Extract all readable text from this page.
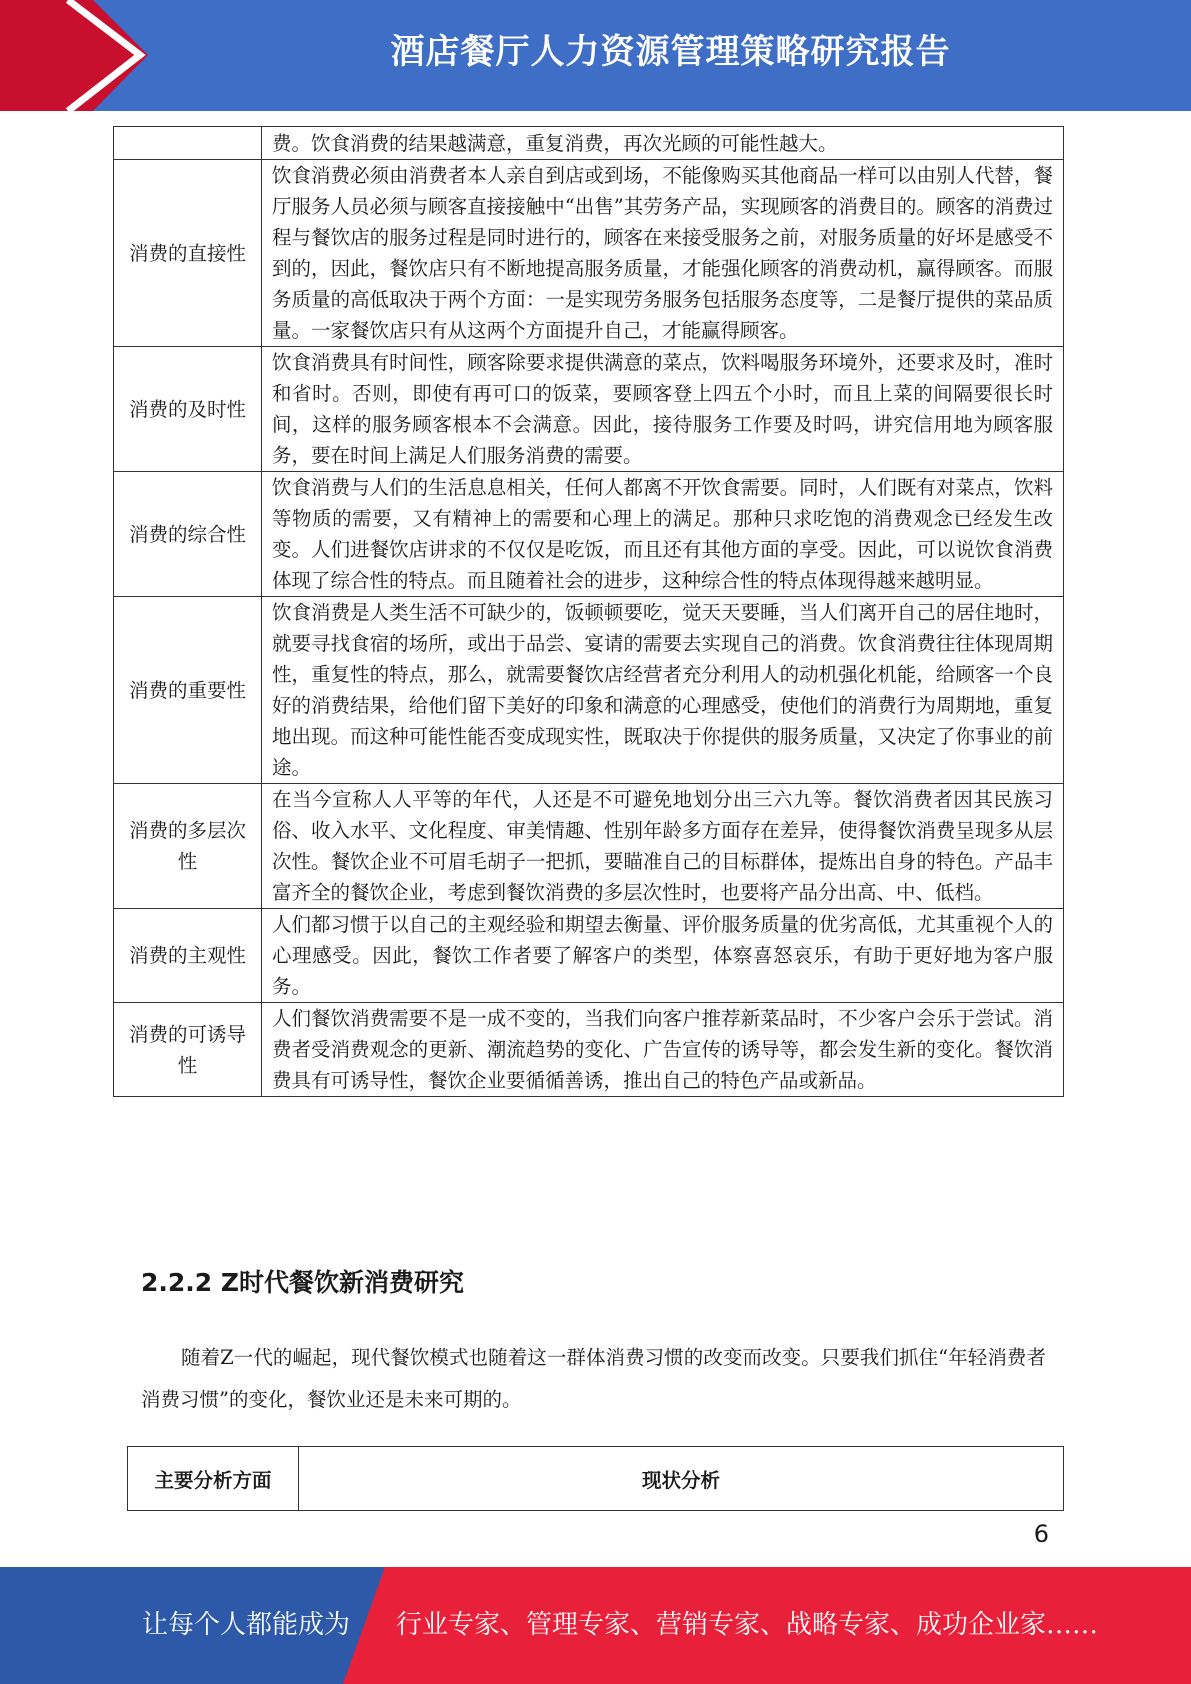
酒店餐厅人力资源管理策略研究报告
	费。饮食消费的结果越满意，重复消费，再次光顾的可能性越大。
消费的直接性	饮食消费必须由消费者本人亲自到店或到场，不能像购买其他商品一样可以由别人代替，餐厅服务人员必须与顾客直接接触中“出售”其劳务产品，实现顾客的消费目的。顾客的消费过程与餐饮店的服务过程是同时进行的，顾客在来接受服务之前，对服务质量的好坏是感受不到的，因此，餐饮店只有不断地提高服务质量，才能强化顾客的消费动机，赢得顾客。而服务质量的高低取决于两个方面：一是实现劳务服务包括服务态度等，二是餐厅提供的菜品质量。一家餐饮店只有从这两个方面提升自己，才能赢得顾客。
消费的及时性	饮食消费具有时间性，顾客除要求提供满意的菜点，饮料喝服务环境外，还要求及时，准时和省时。否则，即使有再可口的饭菜，要顾客登上四五个小时，而且上菜的间隔要很长时间，这样的服务顾客根本不会满意。因此，接待服务工作要及时吗，讲究信用地为顾客服务，要在时间上满足人们服务消费的需要。
消费的综合性	饮食消费与人们的生活息息相关，任何人都离不开饮食需要。同时，人们既有对菜点，饮料等物质的需要，又有精神上的需要和心理上的满足。那种只求吃饱的消费观念已经发生改变。人们进餐饮店讲求的不仅仅是吃饭，而且还有其他方面的享受。因此，可以说饮食消费体现了综合性的特点。而且随着社会的进步，这种综合性的特点体现得越来越明显。
消费的重要性	饮食消费是人类生活不可缺少的，饭顿顿要吃，觉天天要睡，当人们离开自己的居住地时，就要寻找食宿的场所，或出于品尝、宴请的需要去实现自己的消费。饮食消费往往体现周期性，重复性的特点，那么，就需要餐饮店经营者充分利用人的动机强化机能，给顾客一个良好的消费结果，给他们留下美好的印象和满意的心理感受，使他们的消费行为周期地，重复地出现。而这种可能性能否变成现实性，既取决于你提供的服务质量，又决定了你事业的前途。
消费的多层次性	在当今宣称人人平等的年代，人还是不可避免地划分出三六九等。餐饮消费者因其民族习俗、收入水平、文化程度、审美情趣、性别年龄多方面存在差异，使得餐饮消费呈现多从层次性。餐饮企业不可眉毛胡子一把抓，要瞄准自己的目标群体，提炼出自身的特色。产品丰富齐全的餐饮企业，考虑到餐饮消费的多层次性时，也要将产品分出高、中、低档。
消费的主观性	人们都习惯于以自己的主观经验和期望去衡量、评价服务质量的优劣高低，尤其重视个人的心理感受。因此，餐饮工作者要了解客户的类型，体察喜怒哀乐，有助于更好地为客户服务。
消费的可诱导性	人们餐饮消费需要不是一成不变的，当我们向客户推荐新菜品时，不少客户会乐于尝试。消费者受消费观念的更新、潮流趋势的变化、广告宣传的诱导等，都会发生新的变化。餐饮消费具有可诱导性，餐饮企业要循循善诱，推出自己的特色产品或新品。
2.2.2 Z时代餐饮新消费研究
随着Z一代的崛起，现代餐饮模式也随着这一群体消费习惯的改变而改变。只要我们抓住“年轻消费者消费习惯”的变化，餐饮业还是未来可期的。
主要分析方面	现状分析
6
让每个人都能成为 行业专家、管理专家、营销专家、战略专家、成功企业家……
